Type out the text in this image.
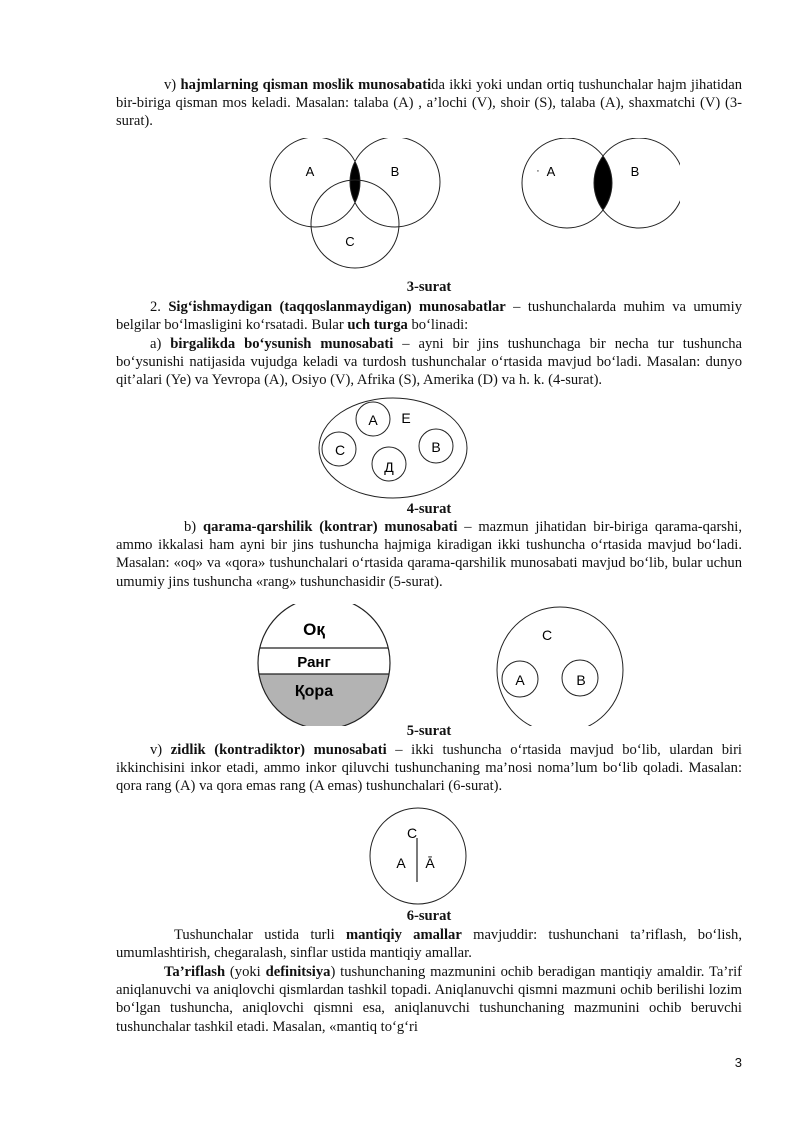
v) hajmlarning qisman moslik munosabatida ikki yoki undan ortiq tushunchalar hajm jihatidan bir-biriga qisman mos keladi. Masalan: talaba (A) , a’lochi (V), shoir (S), talaba (A), shaxmatchi (V) (3-surat).

A	B
C
· A	B

3-surat

2. Sig‘ishmaydigan (taqqoslanmaydigan) munosabatlar – tushunchalarda muhim va umumiy belgilar bo‘lmasligini ko‘rsatadi. Bular uch turga bo‘linadi:

a) birgalikda bo‘ysunish munosabati – ayni bir jins tushunchaga bir necha tur tushuncha bo‘ysunishi natijasida vujudga keladi va turdosh tushunchalar o‘rtasida mavjud bo‘ladi. Masalan: dunyo qit’alari (Ye) va Yevropa (A), Osiyo (V), Afrika (S), Amerika (D) va h. k. (4-surat).

A E
C	B
Д

4-surat

b) qarama-qarshilik (kontrar) munosabati – mazmun jihatidan bir-biriga qarama-qarshi, ammo ikkalasi ham ayni bir jins tushuncha hajmiga kiradigan ikki tushuncha o‘rtasida mavjud bo‘ladi. Masalan: «oq» va «qora» tushunchalari o‘rtasida qarama-qarshilik munosabati mavjud bo‘lib, bular uchun umumiy jins tushuncha «rang» tushunchasidir (5-surat).

Оқ
Ранг
Қора
C
A	B

5-surat

v) zidlik (kontradiktor) munosabati – ikki tushuncha o‘rtasida mavjud bo‘lib, ulardan biri ikkinchisini inkor etadi, ammo inkor qiluvchi tushunchaning ma’nosi noma’lum bo‘lib qoladi. Masalan: qora rang (A) va qora emas rang (A emas) tushunchalari (6-surat).

C
A Ā

6-surat

Tushunchalar ustida turli mantiqiy amallar mavjuddir: tushunchani ta’riflash, bo‘lish, umumlashtirish, chegaralash, sinflar ustida mantiqiy amallar.

Ta’riflash (yoki definitsiya) tushunchaning mazmunini ochib beradigan mantiqiy amaldir. Ta’rif aniqlanuvchi va aniqlovchi qismlardan tashkil topadi. Aniqlanuvchi qismni mazmuni ochib berilishi lozim bo‘lgan tushuncha, aniqlovchi qismni esa, aniqlanuvchi tushunchaning mazmunini ochib beruvchi tushunchalar tashkil etadi. Masalan, «mantiq to‘g‘ri

3
